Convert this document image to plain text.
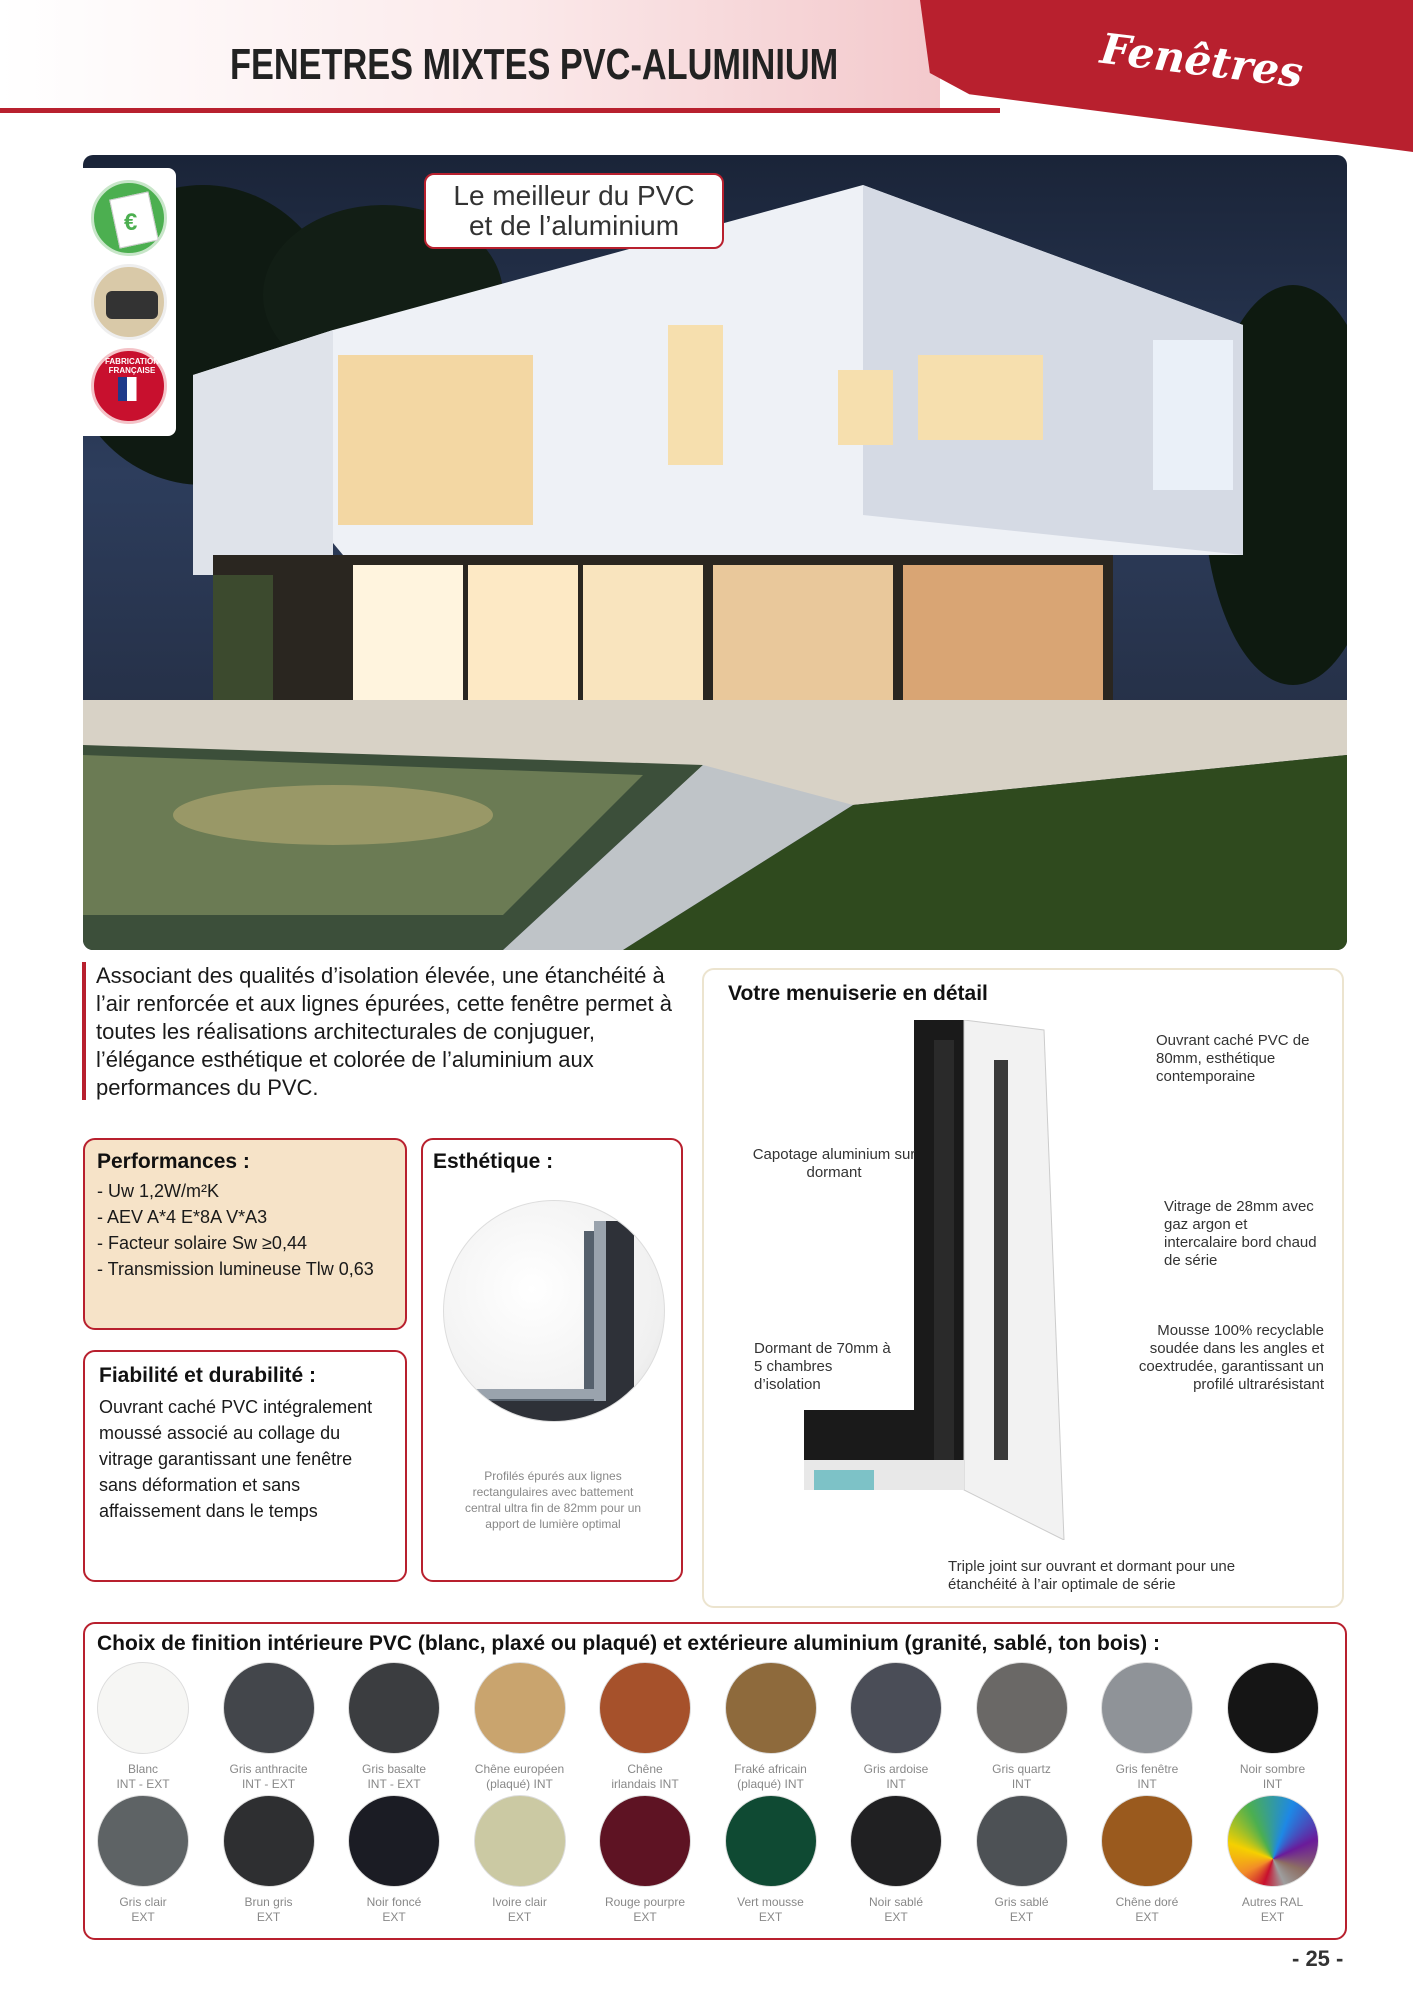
FENETRES MIXTES PVC-ALUMINIUM	Fenêtres
€
FABRICATION FRANÇAISE
Le meilleur du PVC
et de l’aluminium
Associant des qualités d’isolation élevée, une étanchéité à l’air renforcée et aux lignes épurées, cette fenêtre permet à toutes les réalisations architecturales de conjuguer, l’élégance esthétique et colorée de l’aluminium aux performances du PVC.
Performances :
- Uw 1,2W/m²K
- AEV A*4 E*8A V*A3
- Facteur solaire Sw ≥0,44
- Transmission lumineuse Tlw 0,63
Fiabilité et durabilité :
Ouvrant caché PVC intégralement moussé associé au collage du vitrage garantissant une fenêtre sans déformation et sans affaissement dans le temps
Esthétique :
Profilés épurés aux lignes rectangulaires avec battement central ultra fin de 82mm pour un apport de lumière optimal
Votre menuiserie en détail
Ouvrant caché PVC de 80mm, esthétique contemporaine
Capotage aluminium sur dormant
Vitrage de 28mm avec gaz argon et intercalaire bord chaud de série
Mousse 100% recyclable soudée dans les angles et coextrudée, garantissant un profilé ultrarésistant
Dormant de 70mm à 5 chambres d’isolation
Triple joint sur ouvrant et dormant pour une étanchéité à l’air optimale de série
Choix de finition intérieure PVC (blanc, plaxé ou plaqué) et extérieure aluminium (granité, sablé, ton bois) :
Blanc
INT - EXT
Gris anthracite
INT - EXT
Gris basalte
INT - EXT
Chêne européen
(plaqué) INT
Chêne
irlandais INT
Fraké africain
(plaqué) INT
Gris ardoise
INT
Gris quartz
INT
Gris fenêtre
INT
Noir sombre
INT
Gris clair
EXT
Brun gris
EXT
Noir foncé
EXT
Ivoire clair
EXT
Rouge pourpre
EXT
Vert mousse
EXT
Noir sablé
EXT
Gris sablé
EXT
Chêne doré
EXT
Autres RAL
EXT
- 25 -
